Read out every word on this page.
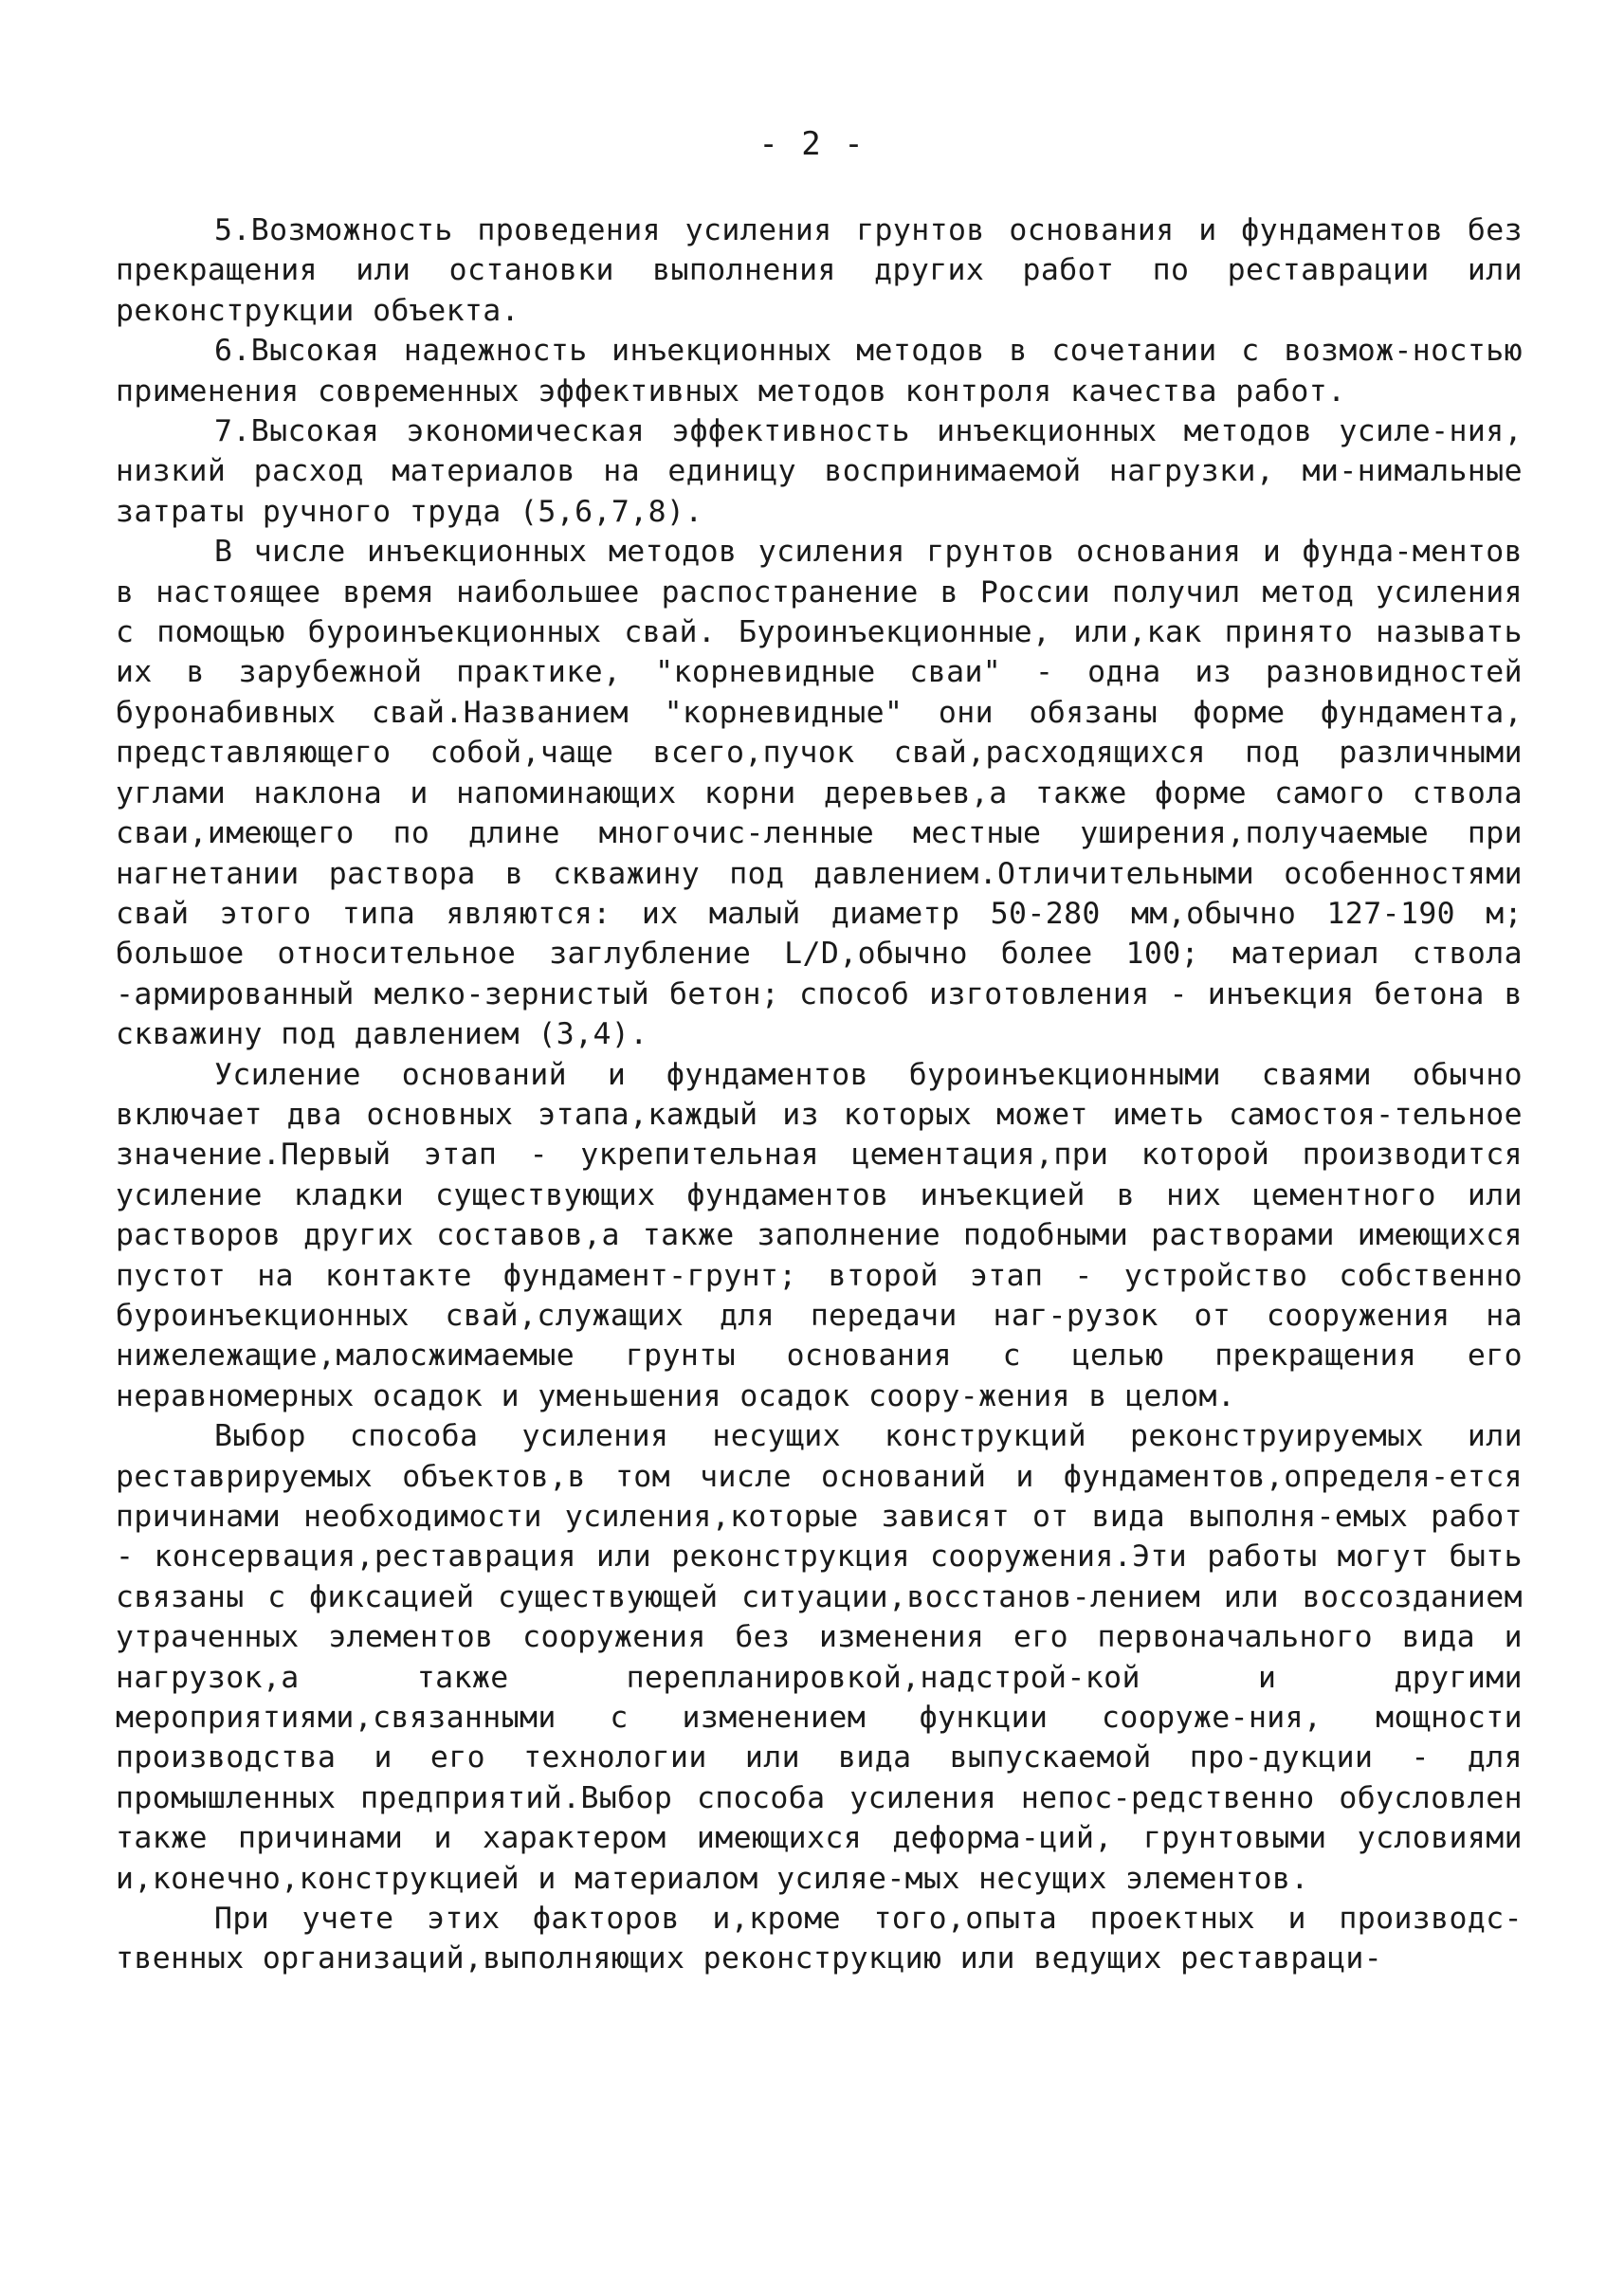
- 2 -

5.Возможность проведения усиления грунтов основания и фундаментов без прекращения или остановки выполнения других работ по реставрации или реконструкции объекта.

6.Высокая надежность инъекционных методов в сочетании с возмож-ностью применения современных эффективных методов контроля качества работ.

7.Высокая экономическая эффективность инъекционных методов усиле-ния, низкий расход материалов на единицу воспринимаемой нагрузки, ми-нимальные затраты ручного труда (5,6,7,8).

В числе инъекционных методов усиления грунтов основания и фунда-ментов в настоящее время наибольшее распостранение в России получил метод усиления с помощью буроинъекционных свай. Буроинъекционные, или,как принято называть их в зарубежной практике, "корневидные сваи" - одна из разновидностей буронабивных свай.Названием "корневидные" они обязаны форме фундамента, представляющего собой,чаще всего,пучок свай,расходящихся под различными углами наклона и напоминающих корни деревьев,а также форме самого ствола сваи,имеющего по длине многочис-ленные местные уширения,получаемые при нагнетании раствора в скважину под давлением.Отличительными особенностями свай этого типа являются: их малый диаметр 50-280 мм,обычно 127-190 м; большое относительное заглубление L/D,обычно более 100; материал ствола -армированный мелко-зернистый бетон; способ изготовления - инъекция бетона в скважину под давлением (3,4).

Усиление оснований и фундаментов буроинъекционными сваями обычно включает два основных этапа,каждый из которых может иметь самостоя-тельное значение.Первый этап - укрепительная цементация,при которой производится усиление кладки существующих фундаментов инъекцией в них цементного или растворов других составов,а также заполнение подобными растворами имеющихся пустот на контакте фундамент-грунт; второй этап - устройство собственно буроинъекционных свай,служащих для передачи наг-рузок от сооружения на нижележащие,малосжимаемые грунты основания с целью прекращения его неравномерных осадок и уменьшения осадок соору-жения в целом.

Выбор способа усиления несущих конструкций реконструируемых или реставрируемых объектов,в том числе оснований и фундаментов,определя-ется причинами необходимости усиления,которые зависят от вида выполня-емых работ - консервация,реставрация или реконструкция сооружения.Эти работы могут быть связаны с фиксацией существующей ситуации,восстанов-лением или воссозданием утраченных элементов сооружения без изменения его первоначального вида и нагрузок,а также перепланировкой,надстрой-кой и другими мероприятиями,связанными с изменением функции сооруже-ния, мощности производства и его технологии или вида выпускаемой про-дукции - для промышленных предприятий.Выбор способа усиления непос-редственно обусловлен также причинами и характером имеющихся деформа-ций, грунтовыми условиями и,конечно,конструкцией и материалом усиляе-мых несущих элементов.

При учете этих факторов и,кроме того,опыта проектных и производс-твенных организаций,выполняющих реконструкцию или ведущих реставраци-
